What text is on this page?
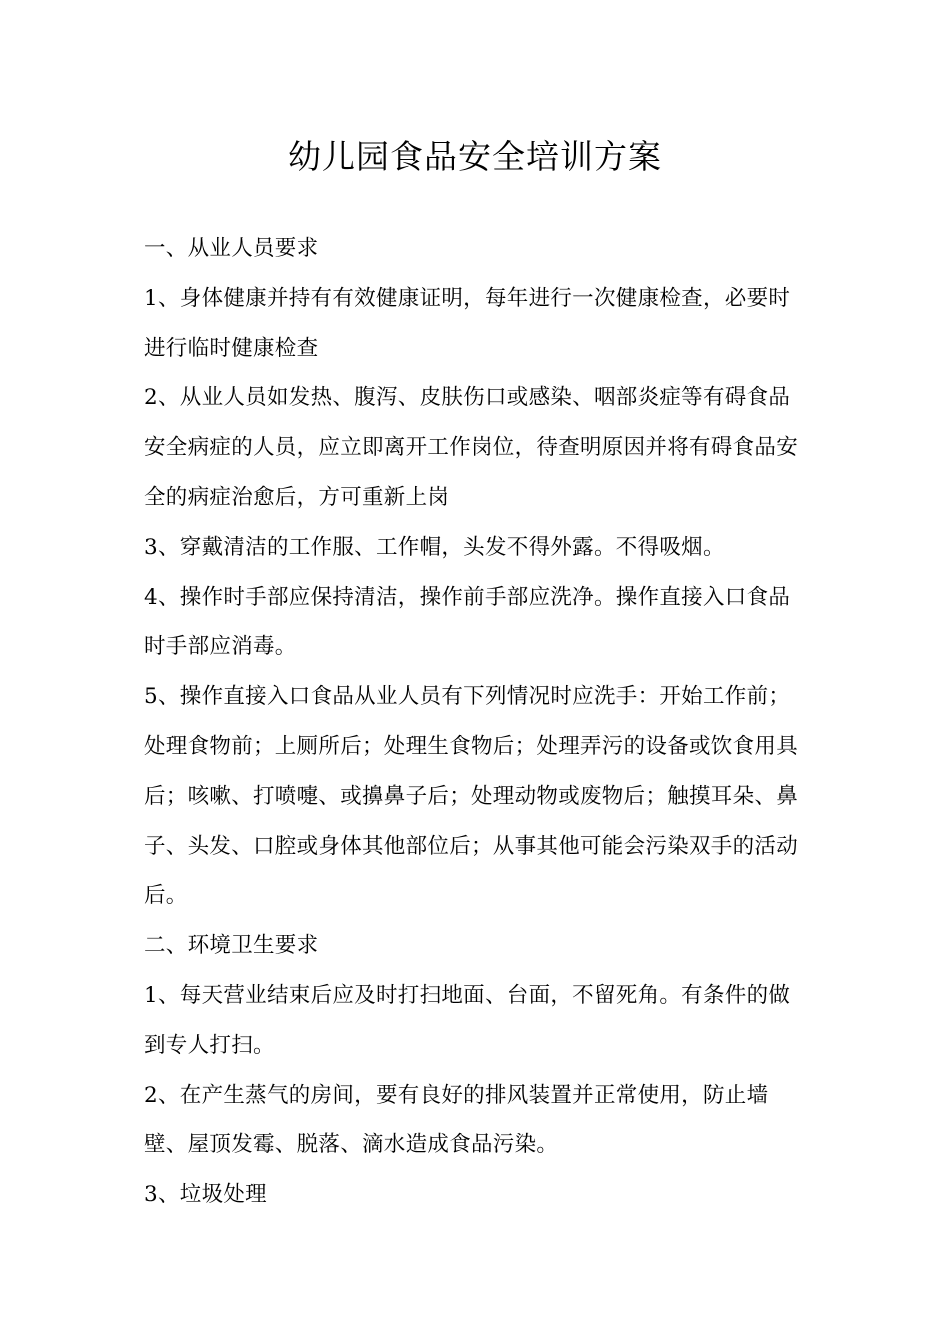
幼儿园食品安全培训方案

一、从业人员要求

1、身体健康并持有有效健康证明，每年进行一次健康检查，必要时进行临时健康检查

2、从业人员如发热、腹泻、皮肤伤口或感染、咽部炎症等有碍食品安全病症的人员，应立即离开工作岗位，待查明原因并将有碍食品安全的病症治愈后，方可重新上岗

3、穿戴清洁的工作服、工作帽，头发不得外露。不得吸烟。

4、操作时手部应保持清洁，操作前手部应洗净。操作直接入口食品时手部应消毒。

5、操作直接入口食品从业人员有下列情况时应洗手：开始工作前；处理食物前；上厕所后；处理生食物后；处理弄污的设备或饮食用具后；咳嗽、打喷嚏、或擤鼻子后；处理动物或废物后；触摸耳朵、鼻子、头发、口腔或身体其他部位后；从事其他可能会污染双手的活动后。

二、环境卫生要求

1、每天营业结束后应及时打扫地面、台面，不留死角。有条件的做到专人打扫。

2、在产生蒸气的房间，要有良好的排风装置并正常使用，防止墙壁、屋顶发霉、脱落、滴水造成食品污染。

3、垃圾处理
